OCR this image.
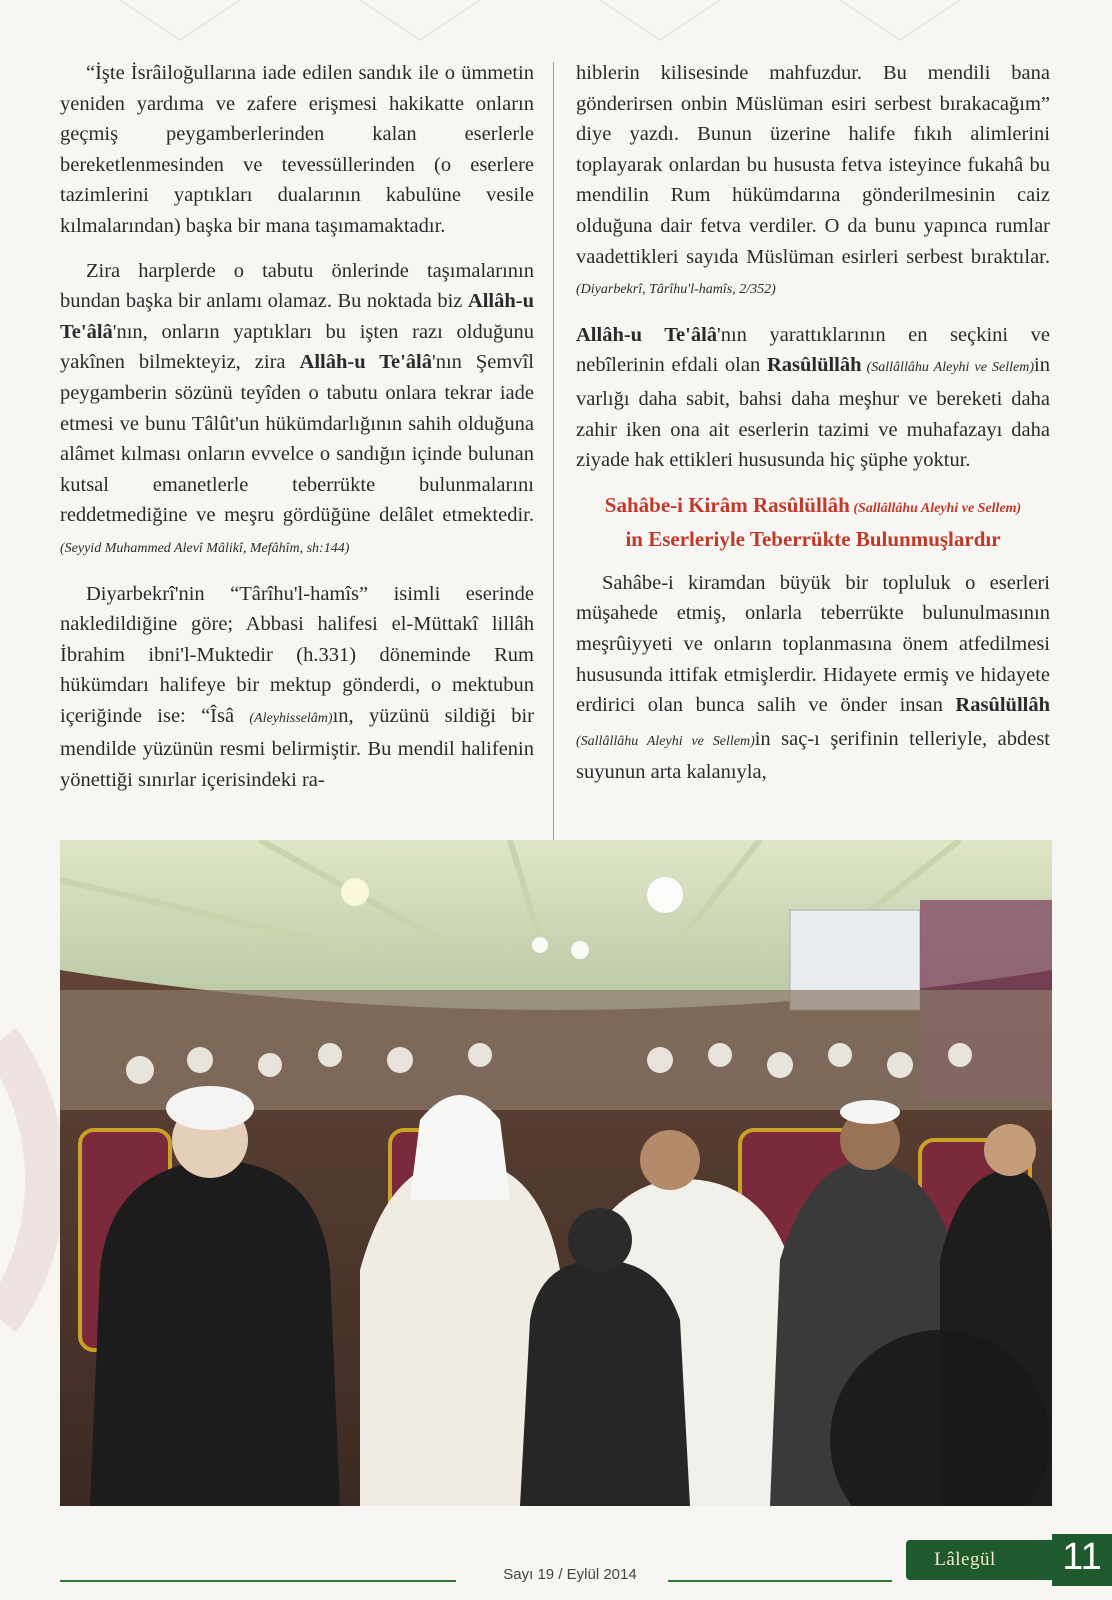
“İşte İsrâiloğullarına iade edilen sandık ile o ümmetin yeniden yardıma ve zafere erişmesi hakikatte onların geçmiş peygamberlerinden kalan eserlerle bereketlenmesinden ve tevessüllerinden (o eserlere tazimlerini yaptıkları dualarının kabulüne vesile kılmalarından) başka bir mana taşımamaktadır.

Zira harplerde o tabutu önlerinde taşımalarının bundan başka bir anlamı olamaz. Bu noktada biz Allâh-u Te'âlâ'nın, onların yaptıkları bu işten razı olduğunu yakînen bilmekteyiz, zira Allâh-u Te'âlâ'nın Şemvîl peygamberin sözünü teyîden o tabutu onlara tekrar iade etmesi ve bunu Tâlût'un hükümdarlığının sahih olduğuna alâmet kılması onların evvelce o sandığın içinde bulunan kutsal emanetlerle teberrükte bulunmalarını reddetmediğine ve meşru gördüğüne delâlet etmektedir. (Seyyid Muhammed Alevî Mâlikî, Mefâhîm, sh:144)

Diyarbekrî'nin “Târîhu'l-hamîs” isimli eserinde nakledildiğine göre; Abbasi halifesi el-Müttakî lillâh İbrahim ibni'l-Muktedir (h.331) döneminde Rum hükümdarı halifeye bir mektup gönderdi, o mektubun içeriğinde ise: “Îsâ (Aleyhisselâm)ın, yüzünü sildiği bir mendilde yüzünün resmi belirmiştir. Bu mendil halifenin yönettiği sınırlar içerisindeki ra-

hiblerin kilisesinde mahfuzdur. Bu mendili bana gönderirsen onbin Müslüman esiri serbest bırakacağım” diye yazdı. Bunun üzerine halife fıkıh alimlerini toplayarak onlardan bu hususta fetva isteyince fukahâ bu mendilin Rum hükümdarına gönderilmesinin caiz olduğuna dair fetva verdiler. O da bunu yapınca rumlar vaadettikleri sayıda Müslüman esirleri serbest bıraktılar. (Diyarbekrî, Târîhu'l-hamîs, 2/352)

Allâh-u Te'âlâ'nın yarattıklarının en seçkini ve nebîlerinin efdali olan Rasûlüllâh (Sallâllâhu Aleyhi ve Sellem)in varlığı daha sabit, bahsi daha meşhur ve bereketi daha zahir iken ona ait eserlerin tazimi ve muhafazayı daha ziyade hak ettikleri hususunda hiç şüphe yoktur.

Sahâbe-i Kirâm Rasûlüllâh (Sallâllâhu Aleyhi ve Sellem)
in Eserleriyle Teberrükte Bulunmuşlardır

Sahâbe-i kiramdan büyük bir topluluk o eserleri müşahede etmiş, onlarla teberrükte bulunulmasının meşrûiyyeti ve onların toplanmasına önem atfedilmesi hususunda ittifak etmişlerdir. Hidayete ermiş ve hidayete erdirici olan bunca salih ve önder insan Rasûlüllâh (Sallâllâhu Aleyhi ve Sellem)in saç-ı şerifinin telleriyle, abdest suyunun arta kalanıyla,

Sayı 19 / Eylül 2014
Lâlegül	11
